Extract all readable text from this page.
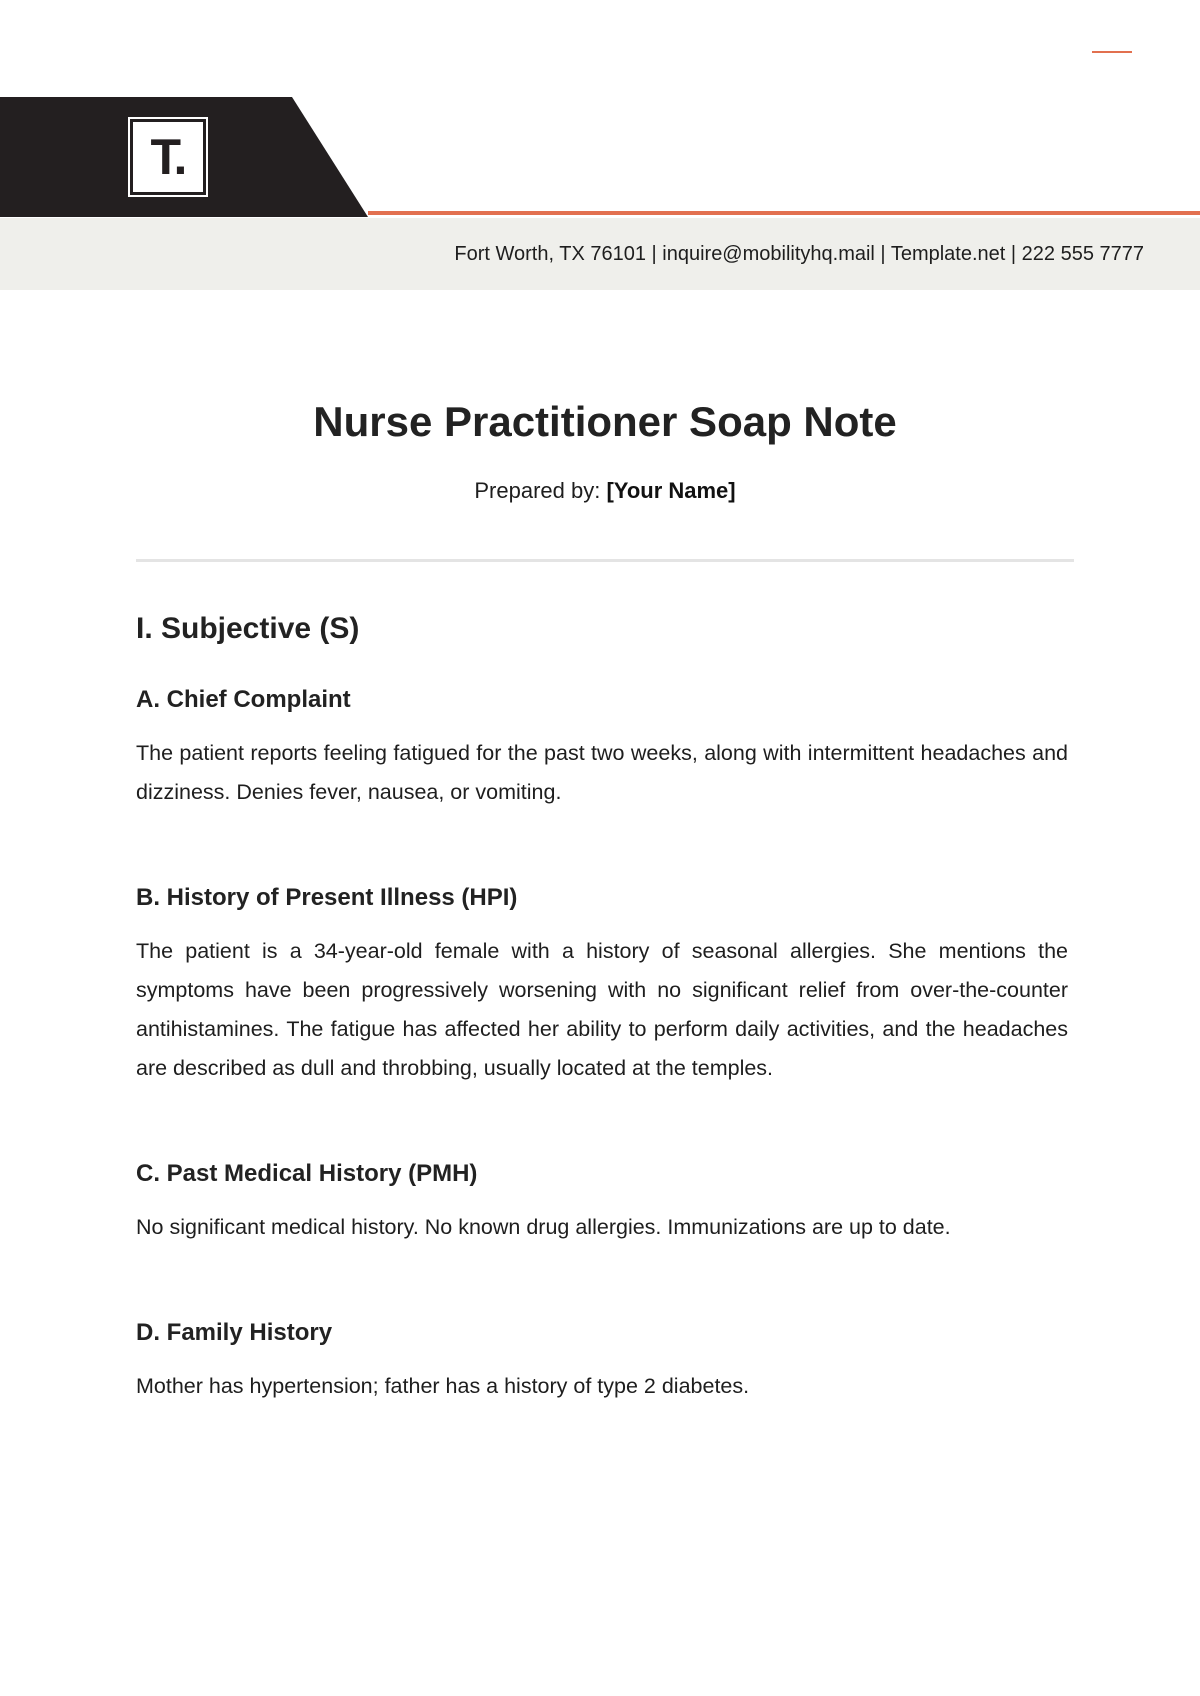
T.
Fort Worth, TX 76101 | inquire@mobilityhq.mail | Template.net | 222 555 7777
Nurse Practitioner Soap Note
Prepared by: [Your Name]
I. Subjective (S)
A. Chief Complaint

The patient reports feeling fatigued for the past two weeks, along with intermittent headaches and dizziness. Denies fever, nausea, or vomiting.

B. History of Present Illness (HPI)

The patient is a 34-year-old female with a history of seasonal allergies. She mentions the symptoms have been progressively worsening with no significant relief from over-the-counter antihistamines. The fatigue has affected her ability to perform daily activities, and the headaches are described as dull and throbbing, usually located at the temples.

C. Past Medical History (PMH)

No significant medical history. No known drug allergies. Immunizations are up to date.

D. Family History

Mother has hypertension; father has a history of type 2 diabetes.
